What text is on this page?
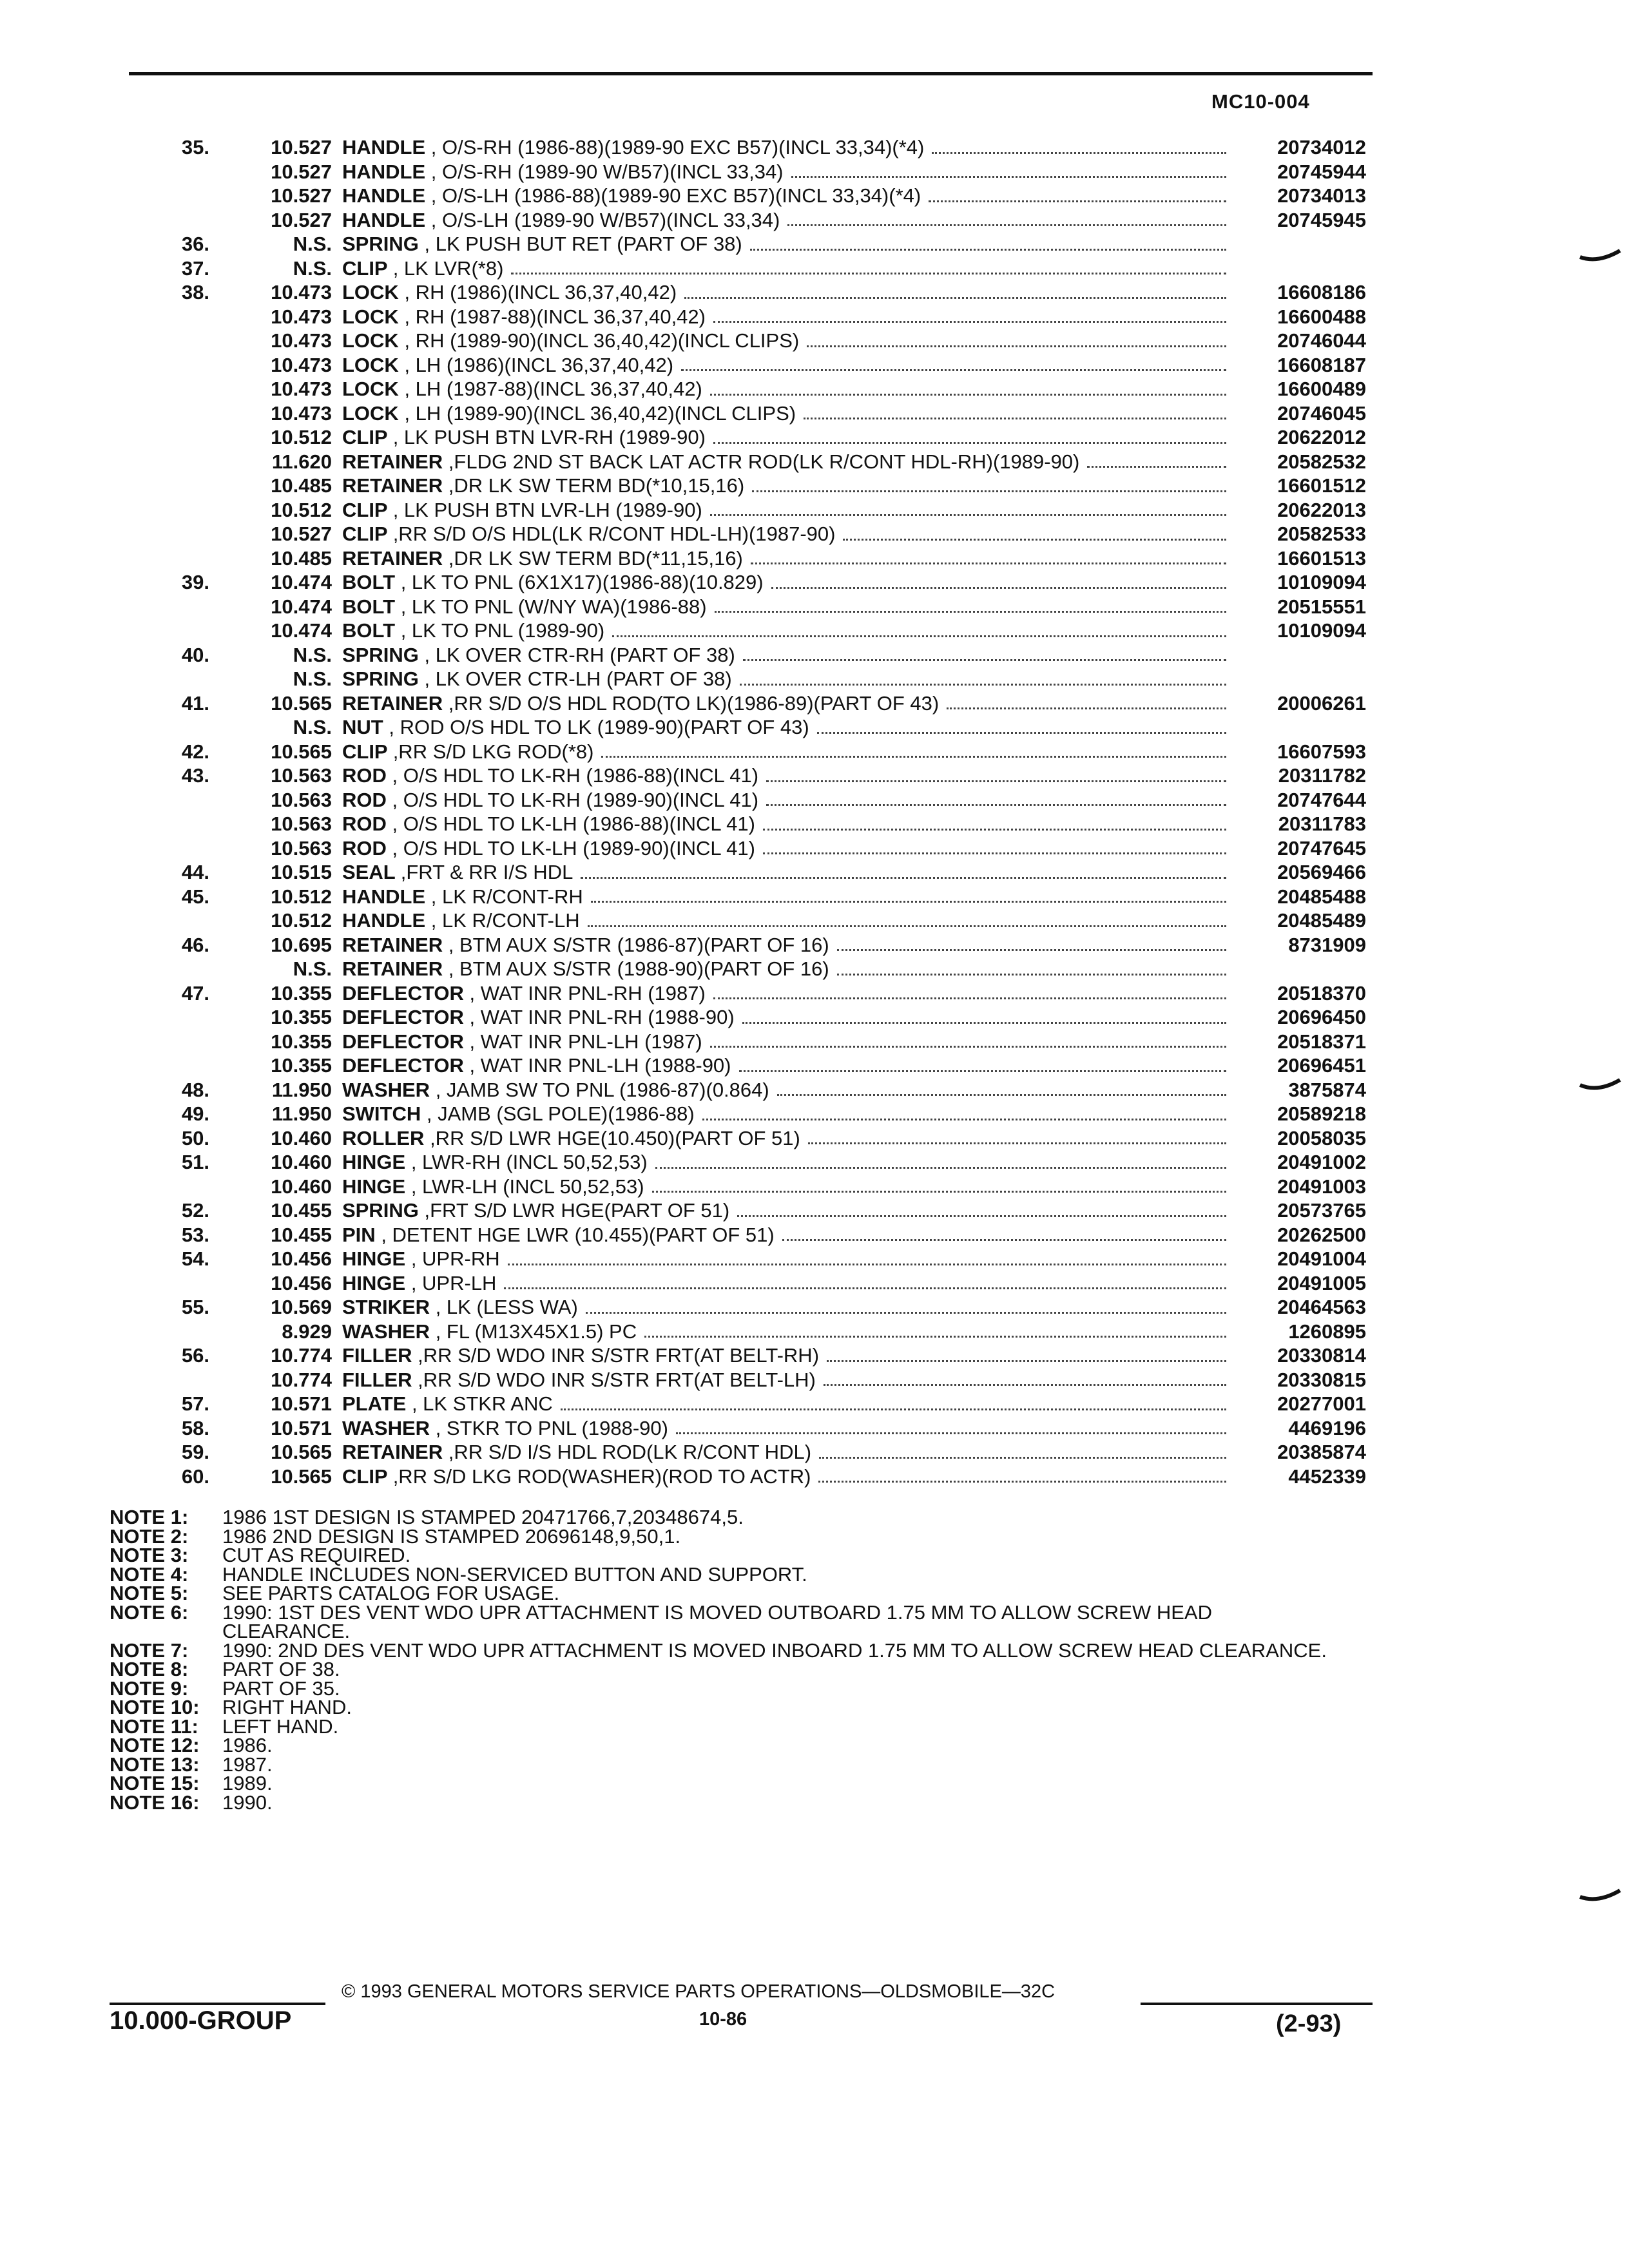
MC10-004
35.	10.527 HANDLE , O/S-RH (1986-88)(1989-90 EXC B57)(INCL 33,34)(*4)	20734012
10.527 HANDLE , O/S-RH (1989-90 W/B57)(INCL 33,34)	20745944
10.527 HANDLE , O/S-LH (1986-88)(1989-90 EXC B57)(INCL 33,34)(*4)	20734013
10.527 HANDLE , O/S-LH (1989-90 W/B57)(INCL 33,34)	20745945
36.	N.S. SPRING , LK PUSH BUT RET (PART OF 38)
37.	N.S. CLIP , LK LVR(*8)
38.	10.473 LOCK , RH (1986)(INCL 36,37,40,42)	16608186
10.473 LOCK , RH (1987-88)(INCL 36,37,40,42)	16600488
10.473 LOCK , RH (1989-90)(INCL 36,40,42)(INCL CLIPS)	20746044
10.473 LOCK , LH (1986)(INCL 36,37,40,42)	16608187
10.473 LOCK , LH (1987-88)(INCL 36,37,40,42)	16600489
10.473 LOCK , LH (1989-90)(INCL 36,40,42)(INCL CLIPS)	20746045
10.512 CLIP , LK PUSH BTN LVR-RH (1989-90)	20622012
11.620 RETAINER ,FLDG 2ND ST BACK LAT ACTR ROD(LK R/CONT HDL-RH)(1989-90)	20582532
10.485 RETAINER ,DR LK SW TERM BD(*10,15,16)	16601512
10.512 CLIP , LK PUSH BTN LVR-LH (1989-90)	20622013
10.527 CLIP ,RR S/D O/S HDL(LK R/CONT HDL-LH)(1987-90)	20582533
10.485 RETAINER ,DR LK SW TERM BD(*11,15,16)	16601513
39.	10.474 BOLT , LK TO PNL (6X1X17)(1986-88)(10.829)	10109094
10.474 BOLT , LK TO PNL (W/NY WA)(1986-88)	20515551
10.474 BOLT , LK TO PNL (1989-90)	10109094
40.	N.S. SPRING , LK OVER CTR-RH (PART OF 38)
N.S. SPRING , LK OVER CTR-LH (PART OF 38)
41.	10.565 RETAINER ,RR S/D O/S HDL ROD(TO LK)(1986-89)(PART OF 43)	20006261
N.S. NUT , ROD O/S HDL TO LK (1989-90)(PART OF 43)
42.	10.565 CLIP ,RR S/D LKG ROD(*8)	16607593
43.	10.563 ROD , O/S HDL TO LK-RH (1986-88)(INCL 41)	20311782
10.563 ROD , O/S HDL TO LK-RH (1989-90)(INCL 41)	20747644
10.563 ROD , O/S HDL TO LK-LH (1986-88)(INCL 41)	20311783
10.563 ROD , O/S HDL TO LK-LH (1989-90)(INCL 41)	20747645
44.	10.515 SEAL ,FRT & RR I/S HDL	20569466
45.	10.512 HANDLE , LK R/CONT-RH	20485488
10.512 HANDLE , LK R/CONT-LH	20485489
46.	10.695 RETAINER , BTM AUX S/STR (1986-87)(PART OF 16)	8731909
N.S. RETAINER , BTM AUX S/STR (1988-90)(PART OF 16)
47.	10.355 DEFLECTOR , WAT INR PNL-RH (1987)	20518370
10.355 DEFLECTOR , WAT INR PNL-RH (1988-90)	20696450
10.355 DEFLECTOR , WAT INR PNL-LH (1987)	20518371
10.355 DEFLECTOR , WAT INR PNL-LH (1988-90)	20696451
48.	11.950 WASHER , JAMB SW TO PNL (1986-87)(0.864)	3875874
49.	11.950 SWITCH , JAMB (SGL POLE)(1986-88)	20589218
50.	10.460 ROLLER ,RR S/D LWR HGE(10.450)(PART OF 51)	20058035
51.	10.460 HINGE , LWR-RH (INCL 50,52,53)	20491002
10.460 HINGE , LWR-LH (INCL 50,52,53)	20491003
52.	10.455 SPRING ,FRT S/D LWR HGE(PART OF 51)	20573765
53.	10.455 PIN , DETENT HGE LWR (10.455)(PART OF 51)	20262500
54.	10.456 HINGE , UPR-RH	20491004
10.456 HINGE , UPR-LH	20491005
55.	10.569 STRIKER , LK (LESS WA)	20464563
8.929 WASHER , FL (M13X45X1.5) PC	1260895
56.	10.774 FILLER ,RR S/D WDO INR S/STR FRT(AT BELT-RH)	20330814
10.774 FILLER ,RR S/D WDO INR S/STR FRT(AT BELT-LH)	20330815
57.	10.571 PLATE , LK STKR ANC	20277001
58.	10.571 WASHER , STKR TO PNL (1988-90)	4469196
59.	10.565 RETAINER ,RR S/D I/S HDL ROD(LK R/CONT HDL)	20385874
60.	10.565 CLIP ,RR S/D LKG ROD(WASHER)(ROD TO ACTR)	4452339
NOTE 1:	1986 1ST DESIGN IS STAMPED 20471766,7,20348674,5.
NOTE 2:	1986 2ND DESIGN IS STAMPED 20696148,9,50,1.
NOTE 3:	CUT AS REQUIRED.
NOTE 4:	HANDLE INCLUDES NON-SERVICED BUTTON AND SUPPORT.
NOTE 5:	SEE PARTS CATALOG FOR USAGE.
NOTE 6:	1990: 1ST DES VENT WDO UPR ATTACHMENT IS MOVED OUTBOARD 1.75 MM TO ALLOW SCREW HEAD CLEARANCE.
NOTE 7:	1990: 2ND DES VENT WDO UPR ATTACHMENT IS MOVED INBOARD 1.75 MM TO ALLOW SCREW HEAD CLEARANCE.
NOTE 8:	PART OF 38.
NOTE 9:	PART OF 35.
NOTE 10:	RIGHT HAND.
NOTE 11:	LEFT HAND.
NOTE 12:	1986.
NOTE 13:	1987.
NOTE 15:	1989.
NOTE 16:	1990.
10.000-GROUP
© 1993 GENERAL MOTORS SERVICE PARTS OPERATIONS—OLDSMOBILE—32C
10-86	(2-93)
